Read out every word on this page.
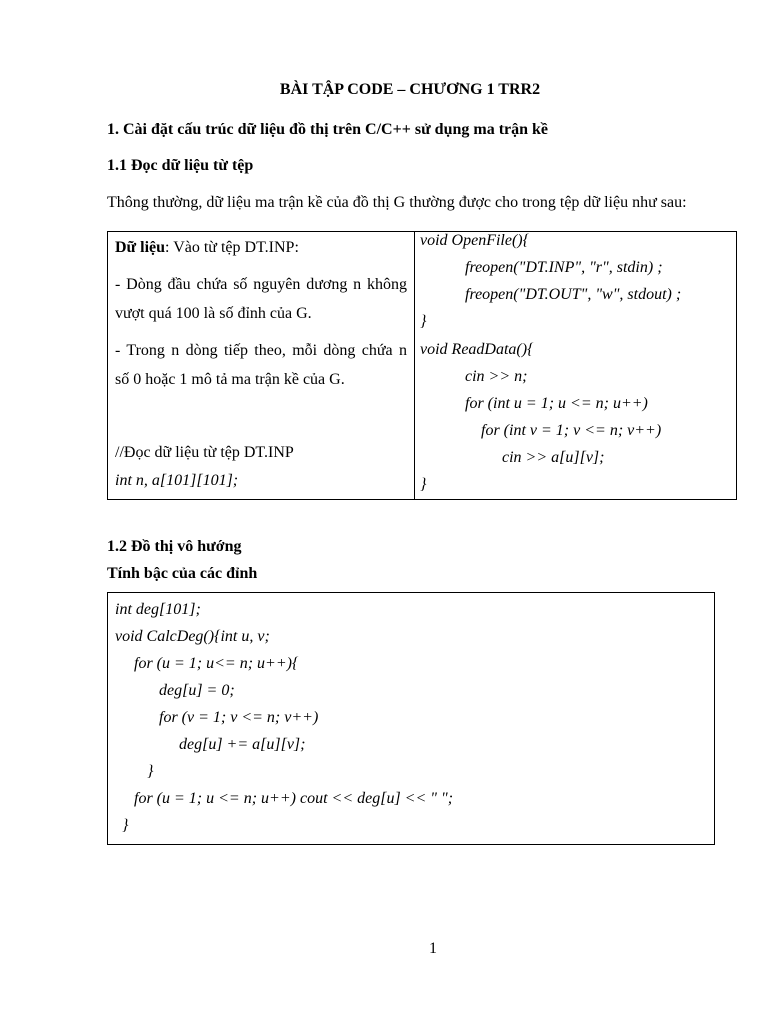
BÀI TẬP CODE – CHƯƠNG 1 TRR2
1. Cài đặt cấu trúc dữ liệu đồ thị trên C/C++ sử dụng ma trận kề
1.1 Đọc dữ liệu từ tệp
Thông thường, dữ liệu ma trận kề của đồ thị G thường được cho trong tệp dữ liệu như sau:
Dữ liệu: Vào từ tệp DT.INP:
- Dòng đầu chứa số nguyên dương n không
vượt quá 100 là số đỉnh của G.
- Trong n dòng tiếp theo, mỗi dòng chứa n
số 0 hoặc 1 mô tả ma trận kề của G.
//Đọc dữ liệu từ tệp DT.INP
int n, a[101][101];
void OpenFile(){
freopen("DT.INP", "r", stdin) ;
freopen("DT.OUT", "w", stdout) ;
}
void ReadData(){
cin >> n;
for (int u = 1; u <= n; u++)
for (int v = 1; v <= n; v++)
cin >> a[u][v];
}
1.2 Đồ thị vô hướng
Tính bậc của các đỉnh
int deg[101];
void CalcDeg(){int u, v;
for (u = 1; u<= n; u++){
deg[u] = 0;
for (v = 1; v <= n; v++)
deg[u] += a[u][v];
}
for (u = 1; u <= n; u++) cout << deg[u] << " ";
}
1
